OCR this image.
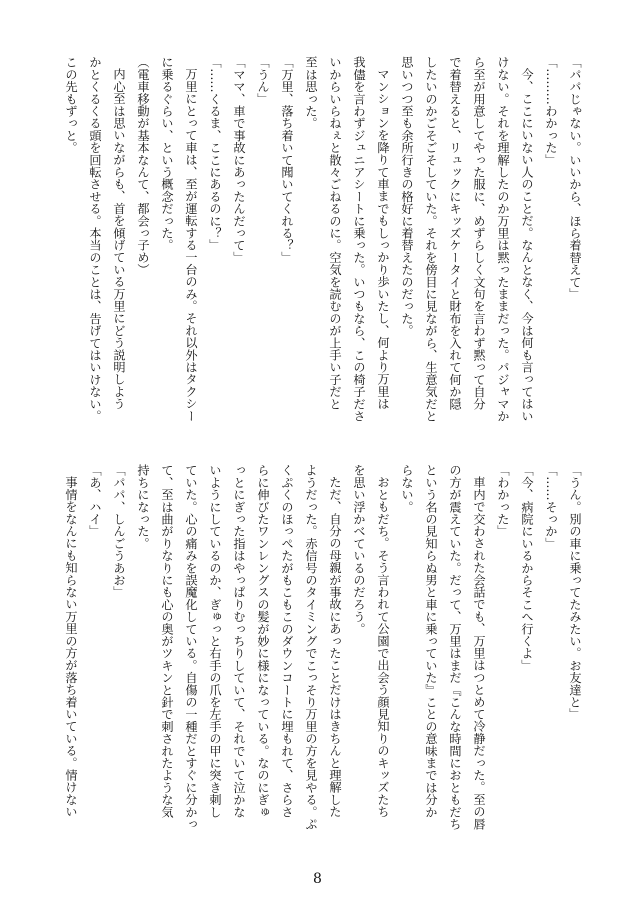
「パパじゃない。いいから、ほら着替えて」

「………わかった」

今、ここにいない人のことだ。なんとなく、今は何も言ってはい

けない。それを理解したのか万里は黙ったままだった。パジャマか

ら至が用意してやった服に、めずらしく文句を言わず黙って自分

で着替えると、リュックにキッズケータイと財布を入れて何か隠

したいのかごそごそしていた。それを傍目に見ながら、生意気だと

思いつつ至も余所行きの格好に着替えたのだった。

マンションを降りて車までもしっかり歩いたし、何より万里は

我儘を言わずジュニアシートに乗った。いつもなら、この椅子ださ

いからいらねぇと散々ごねるのに。空気を読むのが上手い子だと

至は思った。

「万里、落ち着いて聞いてくれる？」

「うん」

「ママ、車で事故にあったんだって」

「……くるま、ここにあるのに？」

万里にとって車は、至が運転する一台のみ。それ以外はタクシー

に乗るぐらい、という概念だった。

（電車移動が基本なんて、都会っ子め）

内心至は思いながらも、首を傾げている万里にどう説明しよう

かとくるくる頭を回転させる。本当のことは、告げてはいけない。

この先もずっと。

「うん。別の車に乗ってたみたい。お友達と」

「……そっか」

「今、病院にいるからそこへ行くよ」

「わかった」

車内で交わされた会話でも、万里はつとめて冷静だった。至の唇

の方が震えていた。だって、万里はまだ『こんな時間におともだち

という名の見知らぬ男と車に乗っていた』ことの意味までは分か

らない。

おともだち。そう言われて公園で出会う顔見知りのキッズたち

を思い浮かべているのだろう。

ただ、自分の母親が事故にあったことだけはきちんと理解した

ようだった。赤信号のタイミングでこっそり万里の方を見やる。ぷ

くぷくのほっぺたがもこもこのダウンコートに埋もれて、さらさ

らに伸びたワンレングスの髪が妙に様になっている。なのにぎゅ

っとにぎった指はやっぱりむっちりしていて、それでいて泣かな

いようにしているのか、ぎゅっと右手の爪を左手の甲に突き刺し

ていた。心の痛みを誤魔化している。自傷の一種だとすぐに分かっ

て、至は曲がりなりにも心の奥がツキンと針で刺されたような気

持ちになった。

「パパ、しんごうあお」

「あ、ハイ」

事情をなんにも知らない万里の方が落ち着いている。情けない

8
